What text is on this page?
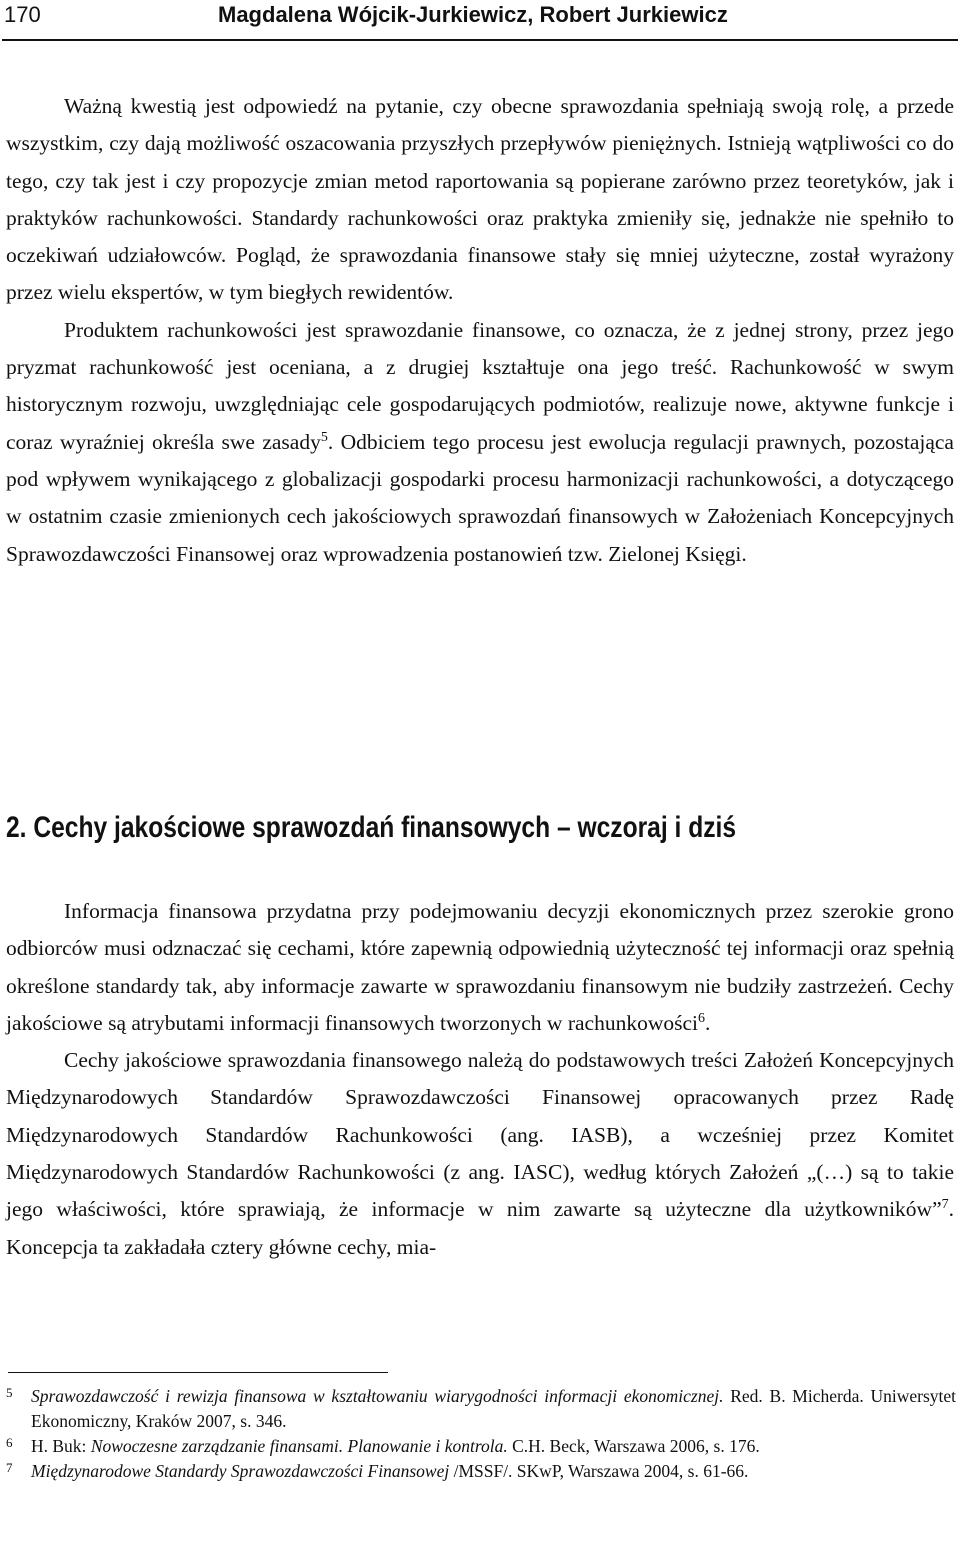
170	Magdalena Wójcik-Jurkiewicz, Robert Jurkiewicz

Ważną kwestią jest odpowiedź na pytanie, czy obecne sprawozdania spełniają swoją rolę, a przede wszystkim, czy dają możliwość oszacowania przyszłych przepływów pieniężnych. Istnieją wątpliwości co do tego, czy tak jest i czy propozycje zmian metod raportowania są popierane zarówno przez teoretyków, jak i praktyków rachunkowości. Standardy rachunkowości oraz praktyka zmieniły się, jednakże nie spełniło to oczekiwań udziałowców. Pogląd, że sprawozdania finansowe stały się mniej użyteczne, został wyrażony przez wielu ekspertów, w tym biegłych rewidentów.

Produktem rachunkowości jest sprawozdanie finansowe, co oznacza, że z jednej strony, przez jego pryzmat rachunkowość jest oceniana, a z drugiej kształtuje ona jego treść. Rachunkowość w swym historycznym rozwoju, uwzględniając cele gospodarujących podmiotów, realizuje nowe, aktywne funkcje i coraz wyraźniej określa swe zasady$^5$. Odbiciem tego procesu jest ewolucja regulacji prawnych, pozostająca pod wpływem wynikającego z globalizacji gospodarki procesu harmonizacji rachunkowości, a dotyczącego w ostatnim czasie zmienionych cech jakościowych sprawozdań finansowych w Założeniach Koncepcyjnych Sprawozdawczości Finansowej oraz wprowadzenia postanowień tzw. Zielonej Księgi.

2. Cechy jakościowe sprawozdań finansowych – wczoraj i dziś

Informacja finansowa przydatna przy podejmowaniu decyzji ekonomicznych przez szerokie grono odbiorców musi odznaczać się cechami, które zapewnią odpowiednią użyteczność tej informacji oraz spełnią określone standardy tak, aby informacje zawarte w sprawozdaniu finansowym nie budziły zastrzeżeń. Cechy jakościowe są atrybutami informacji finansowych tworzonych w rachunkowości$^6$.

Cechy jakościowe sprawozdania finansowego należą do podstawowych treści Założeń Koncepcyjnych Międzynarodowych Standardów Sprawozdawczości Finansowej opracowanych przez Radę Międzynarodowych Standardów Rachunkowości (ang. IASB), a wcześniej przez Komitet Międzynarodowych Standardów Rachunkowości (z ang. IASC), według których Założeń „(…) są to takie jego właściwości, które sprawiają, że informacje w nim zawarte są użyteczne dla użytkowników”$^7$. Koncepcja ta zakładała cztery główne cechy, mia-

5 Sprawozdawczość i rewizja finansowa w kształtowaniu wiarygodności informacji ekonomicznej. Red. B. Micherda. Uniwersytet Ekonomiczny, Kraków 2007, s. 346.

6 H. Buk: Nowoczesne zarządzanie finansami. Planowanie i kontrola. C.H. Beck, Warszawa 2006, s. 176.

7 Międzynarodowe Standardy Sprawozdawczości Finansowej /MSSF/. SKwP, Warszawa 2004, s. 61-66.
